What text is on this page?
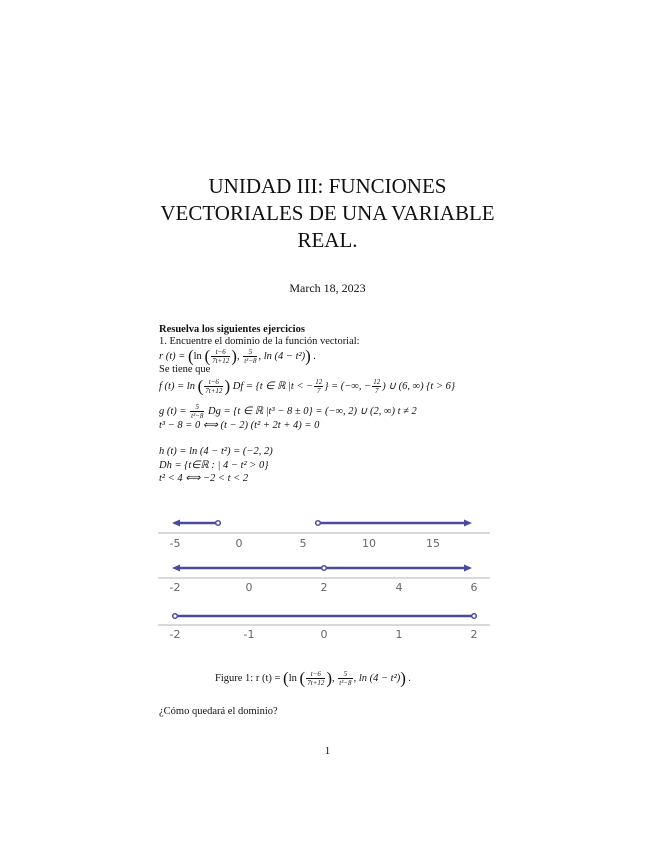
UNIDAD III: FUNCIONES
VECTORIALES DE UNA VARIABLE
REAL.
March 18, 2023
Resuelva los siguientes ejercicios
1. Encuentre el dominio de la función vectorial:
r (t) = (ln ( $\frac{t-6}{7t+12}$ ), $\frac{5}{\text{t³−8}}$ , ln (4 − t²)) .
Se tiene que
f (t) = ln ( $\frac{t-6}{7t+12}$ ) Df = {t ∈ ℝ |t < − $\frac{12}{7}$ } = (−∞, − $\frac{12}{7}$ ) ∪ (6, ∞) {t > 6}
g $(t) = \frac{5}{\text{t³−8}}$ Dg = {t ∈ ℝ |t³ − 8 ± 0} = (−∞, 2) ∪ (2, ∞) t ≠ 2
t³ − 8 = 0 ⟺ (t − 2) (t² + 2t + 4) = 0
h (t) = ln (4 − t²) = (−2, 2)
Dh = {t∈ℝ : | 4 − t² > 0}
t² < 4 ⟺ −2 < t < 2
-5	0	5	10	15
-2	0	2	4	6
-2	-1	0	1	2
Figure 1: r (t) = (ln ( $\frac{t-6}{7t+12}$ ), $\frac{5}{\text{t³−8}}$ , ln (4 − t²)) .
¿Cómo quedará el dominio?
1
